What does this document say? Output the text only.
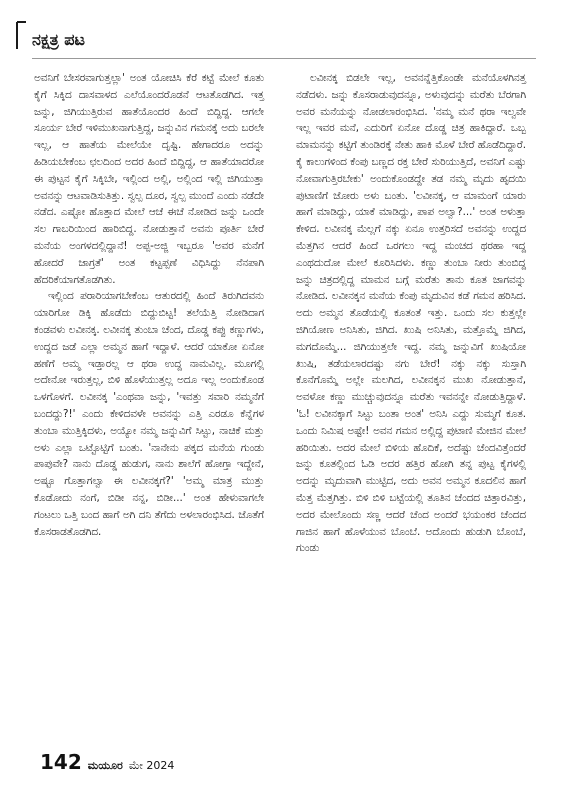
ನಕ್ಷತ್ರ ಪಟ

ಅವನಿಗೆ ಬೇಸರವಾಗುತ್ತಲ್ಲಾ' ಅಂತ ಯೋಚಿಸಿ ಕೆರೆ ಕಟ್ಟೆ ಮೇಲೆ ಕೂತು ಕೈಗೆ ಸಿಕ್ಕಿದ ದಾಸವಾಳದ ಎಲೆಯೊಂದರೊಡನೆ ಆಟತೊಡಗಿದ. ಇತ್ತ ಜನ್ನು, ಜಿಗಿಯುತ್ತಿರುವ ಹಾತೆಯೊಂದರ ಹಿಂದೆ ಬಿದ್ದಿದ್ದ. ಆಗಲೇ ಸೂರ್ಯ ಬೇರೆ ಇಳಿಮುಖನಾಗುತ್ತಿದ್ದ, ಜನ್ನುವಿನ ಗಮನಕ್ಕೆ ಅದು ಬರಲೇ ಇಲ್ಲ, ಆ ಹಾತೆಯ ಮೇಲೆಯೇ ದೃಷ್ಟಿ. ಹೇಗಾದರೂ ಅದನ್ನು ಹಿಡಿಯಬೇಕೆಂಬ ಛಲದಿಂದ ಅದರ ಹಿಂದೆ ಬಿದ್ದಿದ್ದ, ಆ ಹಾತೆಯಾದರೋ ಈ ಪುಟ್ಟನ ಕೈಗೆ ಸಿಕ್ಕಿಬೇ, ಇಲ್ಲಿಂದ ಅಲ್ಲಿ, ಅಲ್ಲಿಂದ ಇಲ್ಲಿ ಜಿಗಿಯುತ್ತಾ ಅವನನ್ನು ಆಟವಾಡಿಸುತಿತ್ತು. ಸ್ವಲ್ಪ ದೂರ, ಸ್ವಲ್ಪ ಮುಂದೆ ಎಂದು ನಡೆದೇ ನಡೆದ. ಎಷ್ಟೋ ಹೊತ್ತಾದ ಮೇಲೆ ಆಚೆ ಈಚೆ ನೋಡಿದ ಜನ್ನು ಒಂದೇ ಸಲ ಗಾಬರಿಯಿಂದ ಹಾರಿಬಿದ್ದ. ನೋಡುತ್ತಾನೆ ಅವನು ಪೂರ್ತಿ ಬೇರೆ ಮನೆಯ ಅಂಗಳದಲ್ಲಿದ್ದಾನೆ! ಅಪ್ಪ-ಅಜ್ಜಿ ಇಬ್ಬರೂ 'ಅವರ ಮನೆಗೆ ಹೋದರೆ ಜಾಗ್ರತೆ' ಅಂತ ಕಟ್ಟಪ್ಪಣೆ ವಿಧಿಸಿದ್ದು ನೆನಪಾಗಿ ಹೆದರಿಕೆಯಾಗತೊಡಗಿತು.

ಇಲ್ಲಿಂದ ಪರಾರಿಯಾಗಬೇಕೆಂಬ ಆತುರದಲ್ಲಿ ಹಿಂದೆ ತಿರುಗಿದವನು ಯಾರಿಗೋ ಡಿಕ್ಕಿ ಹೊಡೆದು ಬಿದ್ದುಬಿಟ್ಟ! ತಲೆಯೆತ್ತಿ ನೋಡಿದಾಗ ಕಂಡವಳು ಲವೀನಕ್ಕ. ಲವೀನಕ್ಕ ತುಂಬಾ ಚೆಂದ, ದೊಡ್ಡ ಕಪ್ಪು ಕಣ್ಣುಗಳು, ಉದ್ದದ ಜಡೆ ಎಲ್ಲಾ ಅಮ್ಮನ ಹಾಗೆ ಇದ್ದಾಳೆ. ಆದರೆ ಯಾಕೋ ಏನೋ ಹಣೆಗೆ ಅಮ್ಮ ಇಡ್ತಾರಲ್ಲ ಆ ಥರಾ ಉದ್ದ ನಾಮವಿಲ್ಲ. ಮೂಗಲ್ಲಿ ಅದೇನೋ ಇರುತ್ತಲ್ಲ, ಬಿಳಿ ಹೊಳೆಯುತ್ತಲ್ಲ ಅದೂ ಇಲ್ಲ ಅಂದುಕೊಂಡ ಒಳಗೊಳಗೆ. ಲವೀನಕ್ಕ 'ಎಂಥವಾ ಜನ್ನು, 'ಇವತ್ತು ಸವಾರಿ ನಮ್ಮನೆಗೆ ಬಂದದ್ದು?!' ಎಂದು ಕೇಳಿದವಳೇ ಅವನನ್ನು ಎತ್ತಿ ಎರಡೂ ಕೆನ್ನೆಗಳ ತುಂಬಾ ಮುತ್ತಿಕ್ಕಿದಳು, ಅಯ್ಯೋ ನಮ್ಮ ಜನ್ನುವಿಗೆ ಸಿಟ್ಟು, ನಾಚಿಕೆ ಮತ್ತು ಅಳು ಎಲ್ಲಾ ಒಟ್ಟೊಟ್ಟಿಗೆ ಬಂತು. 'ನಾನೇನು ಪಕ್ಕದ ಮನೆಯ ಗುಂಡು ಪಾಪುವೇ? ನಾನು ದೊಡ್ಡ ಹುಡುಗ, ನಾನು ಶಾಲೆಗೆ ಹೋಗ್ತಾ ಇದ್ದೇನೆ, ಅಷ್ಟೂ ಗೊತ್ತಾಗಲ್ವಾ ಈ ಲವೀನಕ್ಕಗೆ?' 'ಅಮ್ಮ ಮಾತ್ರ ಮುತ್ತು ಕೊಡೋದು ನಂಗೆ, ಬಿಡೀ ನನ್ನ, ಬಿಡೀ...' ಅಂತ ಹೇಳುವಾಗಲೇ ಗಂಟಲು ಒತ್ತಿ ಬಂದ ಹಾಗೆ ಅಗಿ ದನಿ ತೆಗೆದು ಅಳಲಾರಂಭಿಸಿದ. ಜೊತೆಗೆ ಕೊಸರಾಡತೊಡಗಿದ.

ಲವೀನಕ್ಕ ಬಿಡಲೇ ಇಲ್ಲ, ಅವನನ್ನೆತ್ತಿಕೊಂಡೇ ಮನೆಯೊಳಗಿನತ್ತ ನಡೆದಳು. ಜನ್ನು ಕೊಸರಾಡುವುದನ್ನೂ, ಅಳುವುದನ್ನು ಮರೆತು ಬೆರಗಾಗಿ ಅವರ ಮನೆಯನ್ನು ನೋಡಲಾರಂಭಿಸಿದ. 'ನಮ್ಮ ಮನೆ ಥರಾ ಇಲ್ವವೇ ಇಲ್ಲ ಇವರ ಮನೆ, ಎದುರಿಗೆ ಏನೋ ದೊಡ್ಡ ಚಿತ್ರ ಹಾಕಿದ್ದಾರೆ. ಒಬ್ಬ ಮಾಮನನ್ನು ಕಟ್ಟಿಗೆ ತುಂಡಿರಕ್ಕೆ ನೇತು ಹಾಕಿ ಮೊಳೆ ಬೇರೆ ಹೊಡೆದಿದ್ದಾರೆ. ಕೈ ಕಾಲುಗಳಿಂದ ಕೆಂಪು ಬಣ್ಣದ ರಕ್ತ ಬೇರೆ ಸುರಿಯುತ್ತಿದೆ, ಅವನಿಗೆ ಎಷ್ಟು ನೋವಾಗುತ್ತಿರಬೇಕು' ಅಂದುಕೊಂಡದ್ದೇ ತಡ ನಮ್ಮ ಮೃದು ಹೃದಯಿ ಪುಟಾಣಿಗೆ ಜೋರು ಅಳು ಬಂತು. 'ಲವೀನಕ್ಕ, ಆ ಮಾಮಂಗೆ ಯಾರು ಹಾಗೆ ಮಾಡಿದ್ದು, ಯಾಕೆ ಮಾಡಿದ್ದು, ಪಾಪ ಅಲ್ವಾ?...' ಅಂತ ಅಳುತ್ತಾ ಕೇಳಿದ. ಲವೀನಕ್ಕ ಮೆಲ್ಲಗೆ ನಕ್ಕು ಏನೂ ಉತ್ತರಿಸದೆ ಅವನನ್ನು ಉದ್ದದ ಮೆತ್ತಗಿನ ಆದರೆ ಹಿಂದೆ ಒರಗಲು ಇದ್ದ ಮಂಚದ ಥರಹಾ ಇದ್ದ ಎಂಥದುದೋ ಮೇಲೆ ಕೂರಿಸಿದಳು. ಕಣ್ಣು ತುಂಬಾ ನೀರು ತುಂಬಿದ್ದ ಜನ್ನು ಚಿತ್ರದಲ್ಲಿದ್ದ ಮಾಮನ ಬಗ್ಗೆ ಮರೆತು ತಾನು ಕೂತ ಜಾಗವನ್ನು ನೋಡಿದ. ಲವೀನಕ್ಕನ ಮನೆಯ ಕೆಂಪು ಮೃದುವಿನ ಕಡೆ ಗಮನ ಹರಿಸಿದ. ಅದು ಅಮ್ಮನ ತೊಡೆಯಲ್ಲಿ ಕೂತಂತೆ ಇತ್ತು. ಒಂದು ಸಲ ಕುತ್ತಲ್ಲೇ ಜಿಗಿಯೋಣ ಅನಿಸಿತು, ಜಿಗಿದ. ಖುಷಿ ಅನಿಸಿತು, ಮತ್ತೊಮ್ಮೆ ಜಿಗಿದ, ಮಗದೊಮ್ಮೆ... ಜಿಗಿಯುತ್ತಲೇ ಇದ್ದ. ನಮ್ಮ ಜನ್ನುವಿಗೆ ಖುಷಿಯೋ ಖುಷಿ, ತಡೆಯಲಾರದಷ್ಟು ನಗು ಬೇರೆ! ನಕ್ಕು ನಕ್ಕು ಸುಸ್ತಾಗಿ ಕೊನೆಗೊಮ್ಮೆ ಅಲ್ಲೇ ಮಲಗಿದ, ಲವೀನಕ್ಕನ ಮುಖ ನೋಡುತ್ತಾನೆ, ಅವಳೋ ಕಣ್ಣು ಮುಚ್ಚುವುದನ್ನೂ ಮರೆತು ಇವನನ್ನೇ ನೋಡುತ್ತಿದ್ದಾಳೆ. 'ಓ! ಲವೀನಕ್ಕಾಗೆ ಸಿಟ್ಟು ಬಂತಾ ಅಂತ' ಅನಿಸಿ ಎದ್ದು ಸುಮ್ಮಗೆ ಕೂತ. ಒಂದು ನಿಮಿಷ ಅಷ್ಟೇ! ಅವನ ಗಮನ ಅಲ್ಲಿದ್ದ ಪುಟಾಣಿ ಮೇಜಿನ ಮೇಲೆ ಹರಿಯಿತು. ಅದರ ಮೇಲೆ ಬಿಳಿಯ ಹೊದಿಕೆ, ಅದೆಷ್ಟು ಚೆಂದವಿತ್ತೆಂದರೆ ಜನ್ನು ಕೂತಲ್ಲಿಂದ ಓಡಿ ಅದರ ಹತ್ತಿರ ಹೋಗಿ ತನ್ನ ಪುಟ್ಟ ಕೈಗಳಲ್ಲಿ ಅದನ್ನು ಮೃದುವಾಗಿ ಮುಟ್ಟಿದ, ಅದು ಅವನ ಅಮ್ಮನ ಕೂದಲಿನ ಹಾಗೆ ಮೆತ್ತ ಮೆತ್ತಗಿತ್ತು. ಬಿಳಿ ಬಿಳಿ ಬಟ್ಟೆಯಲ್ಲಿ ತೂತಿನ ಚೆಂದದ ಚಿತ್ತಾರವಿತ್ತು, ಅದರ ಮೇಲೊಂದು ಸಣ್ಣ ಆದರೆ ಚೆಂದ ಅಂದರೆ ಭಯಂಕರ ಚೆಂದದ ಗಾಜಿನ ಹಾಗೆ ಹೊಳೆಯುವ ಬೊಂಬೆ. ಅದೊಂದು ಹುಡುಗಿ ಬೊಂಬೆ, ಗುಂಡು

142 ಮಯೂರ ಮೇ 2024
